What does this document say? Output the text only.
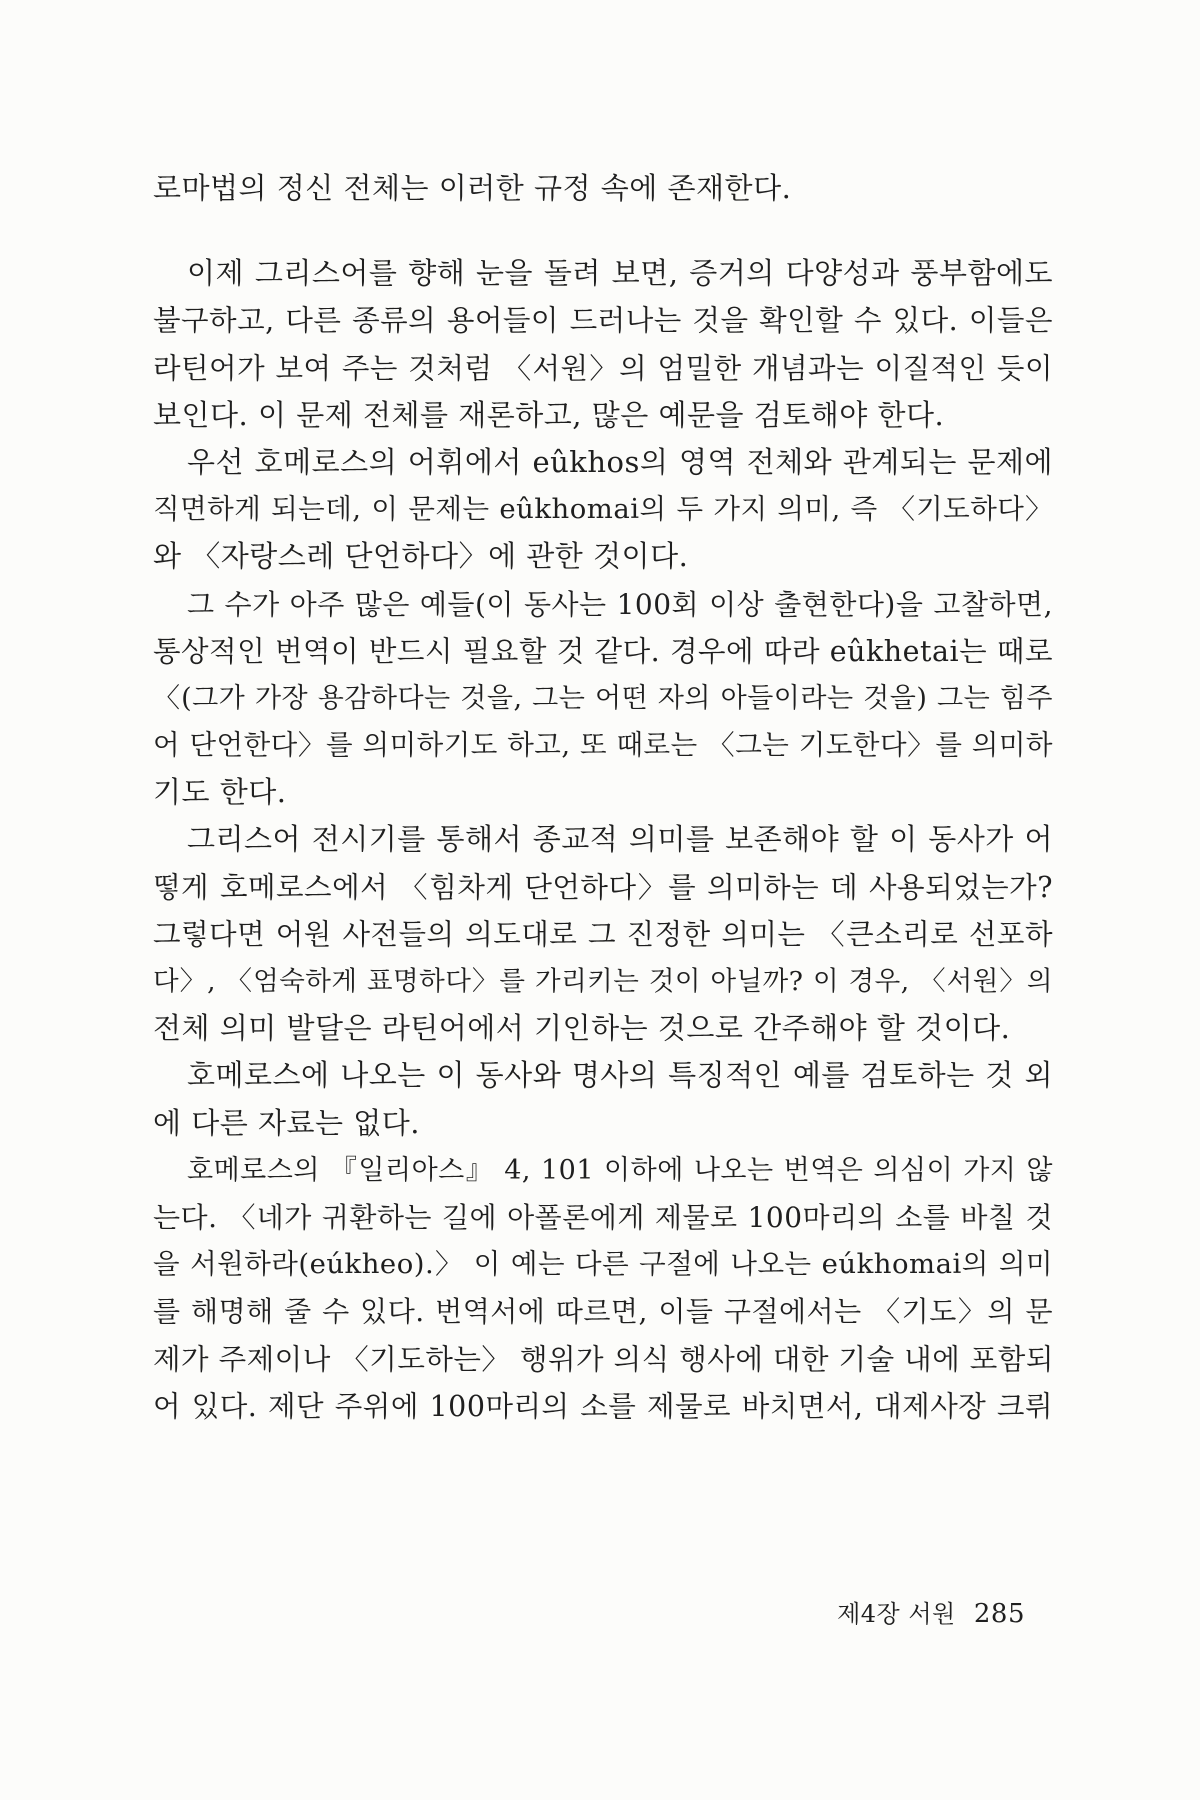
로마법의 정신 전체는 이러한 규정 속에 존재한다.
이제 그리스어를 향해 눈을 돌려 보면, 증거의 다양성과 풍부함에도
불구하고, 다른 종류의 용어들이 드러나는 것을 확인할 수 있다. 이들은
라틴어가 보여 주는 것처럼 〈서원〉의 엄밀한 개념과는 이질적인 듯이
보인다. 이 문제 전체를 재론하고, 많은 예문을 검토해야 한다.
우선 호메로스의 어휘에서 eûkhos의 영역 전체와 관계되는 문제에
직면하게 되는데, 이 문제는 eûkhomai의 두 가지 의미, 즉 〈기도하다〉
와 〈자랑스레 단언하다〉에 관한 것이다.
그 수가 아주 많은 예들(이 동사는 100회 이상 출현한다)을 고찰하면,
통상적인 번역이 반드시 필요할 것 같다. 경우에 따라 eûkhetai는 때로
〈(그가 가장 용감하다는 것을, 그는 어떤 자의 아들이라는 것을) 그는 힘주
어 단언한다〉를 의미하기도 하고, 또 때로는 〈그는 기도한다〉를 의미하
기도 한다.
그리스어 전시기를 통해서 종교적 의미를 보존해야 할 이 동사가 어
떻게 호메로스에서 〈힘차게 단언하다〉를 의미하는 데 사용되었는가?
그렇다면 어원 사전들의 의도대로 그 진정한 의미는 〈큰소리로 선포하
다〉, 〈엄숙하게 표명하다〉를 가리키는 것이 아닐까? 이 경우, 〈서원〉의
전체 의미 발달은 라틴어에서 기인하는 것으로 간주해야 할 것이다.
호메로스에 나오는 이 동사와 명사의 특징적인 예를 검토하는 것 외
에 다른 자료는 없다.
호메로스의 『일리아스』 4, 101 이하에 나오는 번역은 의심이 가지 않
는다. 〈네가 귀환하는 길에 아폴론에게 제물로 100마리의 소를 바칠 것
을 서원하라(eúkheo).〉 이 예는 다른 구절에 나오는 eúkhomai의 의미
를 해명해 줄 수 있다. 번역서에 따르면, 이들 구절에서는 〈기도〉의 문
제가 주제이나 〈기도하는〉 행위가 의식 행사에 대한 기술 내에 포함되
어 있다. 제단 주위에 100마리의 소를 제물로 바치면서, 대제사장 크뤼
제4장 서원 285
